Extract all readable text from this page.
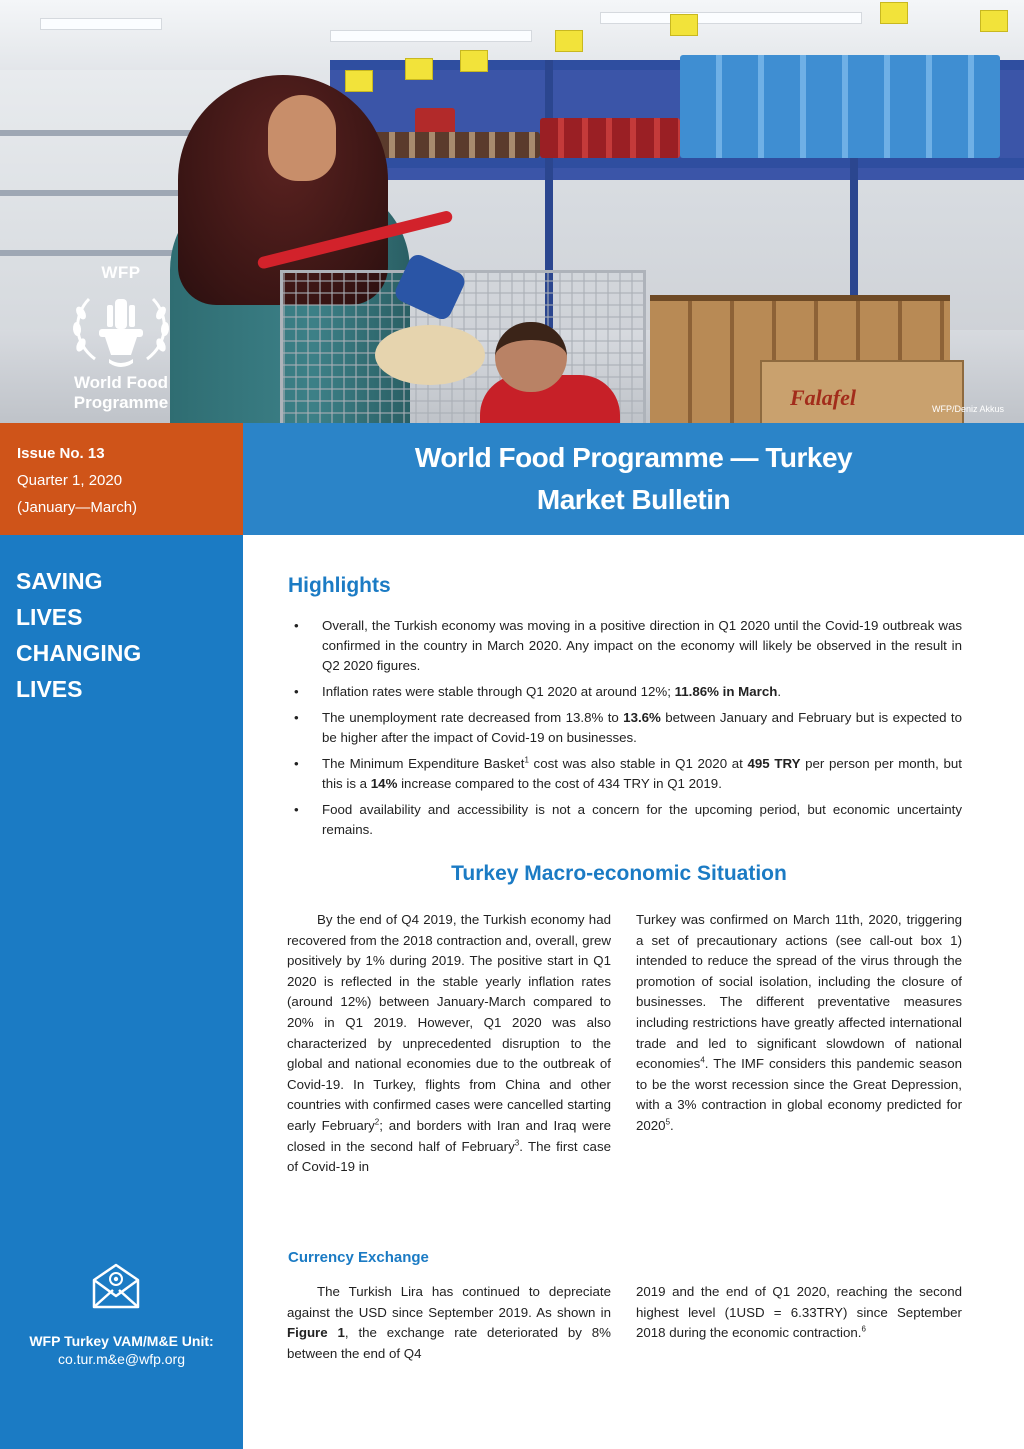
Falafel
WFP
World Food
Programme	WFP/Deniz Akkus
Issue No. 13
Quarter 1, 2020
(January—March)
World Food Programme — Turkey
Market Bulletin
SAVING
LIVES
CHANGING
LIVES
WFP Turkey VAM/M&E Unit:
co.tur.m&e@wfp.org
Highlights
• Overall, the Turkish economy was moving in a positive direction in Q1 2020 until the Covid-19 outbreak was confirmed in the country in March 2020. Any impact on the economy will likely be observed in the result in Q2 2020 figures.
• Inflation rates were stable through Q1 2020 at around 12%; 11.86% in March.
• The unemployment rate decreased from 13.8% to 13.6% between January and February but is expected to be higher after the impact of Covid-19 on businesses.
• The Minimum Expenditure Basket$^1$ cost was also stable in Q1 2020 at 495 TRY per person per month, but this is a 14% increase compared to the cost of 434 TRY in Q1 2019.
• Food availability and accessibility is not a concern for the upcoming period, but economic uncertainty remains.
Turkey Macro-economic Situation
By the end of Q4 2019, the Turkish economy had recovered from the 2018 contraction and, overall, grew positively by 1% during 2019. The positive start in Q1 2020 is reflected in the stable yearly inflation rates (around 12%) between January-March compared to 20% in Q1 2019. However, Q1 2020 was also characterized by unprecedented disruption to the global and national economies due to the outbreak of Covid-19. In Turkey, flights from China and other countries with confirmed cases were cancelled starting early February$^2$; and borders with Iran and Iraq were closed in the second half of February$^3$. The first case of Covid-19 in
Turkey was confirmed on March 11th, 2020, triggering a set of precautionary actions (see call-out box 1) intended to reduce the spread of the virus through the promotion of social isolation, including the closure of businesses. The different preventative measures including restrictions have greatly affected international trade and led to significant slowdown of national economies$^4$. The IMF considers this pandemic season to be the worst recession since the Great Depression, with a 3% contraction in global economy predicted for 2020$^5$.
Currency Exchange
The Turkish Lira has continued to depreciate against the USD since September 2019. As shown in Figure 1, the exchange rate deteriorated by 8% between the end of Q4
2019 and the end of Q1 2020, reaching the second highest level (1USD = 6.33TRY) since September 2018 during the economic contraction.$^6$
